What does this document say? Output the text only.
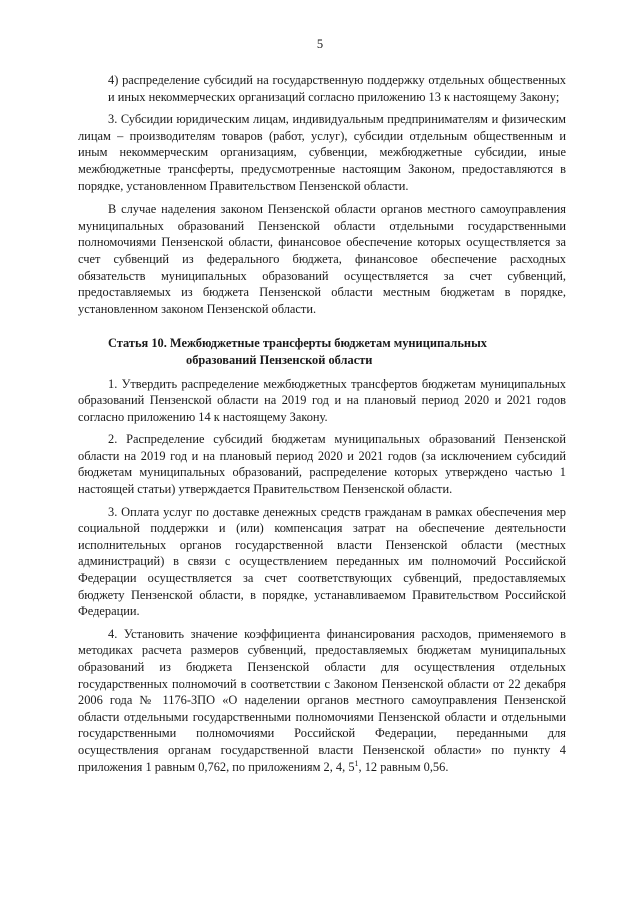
5

4) распределение субсидий на государственную поддержку отдельных общественных и иных некоммерческих организаций согласно приложению 13 к настоящему Закону;

3. Субсидии юридическим лицам, индивидуальным предпринимателям и физическим лицам – производителям товаров (работ, услуг), субсидии отдельным общественным и иным некоммерческим организациям, субвенции, межбюджетные субсидии, иные межбюджетные трансферты, предусмотренные настоящим Законом, предоставляются в порядке, установленном Правительством Пензенской области.

В случае наделения законом Пензенской области органов местного самоуправления муниципальных образований Пензенской области отдельными государственными полномочиями Пензенской области, финансовое обеспечение которых осуществляется за счет субвенций из федерального бюджета, финансовое обеспечение расходных обязательств муниципальных образований осуществляется за счет субвенций, предоставляемых из бюджета Пензенской области местным бюджетам в порядке, установленном законом Пензенской области.

Статья 10. Межбюджетные трансферты бюджетам муниципальных
образований Пензенской области

1. Утвердить распределение межбюджетных трансфертов бюджетам муниципальных образований Пензенской области на 2019 год и на плановый период 2020 и 2021 годов согласно приложению 14 к настоящему Закону.

2. Распределение субсидий бюджетам муниципальных образований Пензенской области на 2019 год и на плановый период 2020 и 2021 годов (за исключением субсидий бюджетам муниципальных образований, распределение которых утверждено частью 1 настоящей статьи) утверждается Правительством Пензенской области.

3. Оплата услуг по доставке денежных средств гражданам в рамках обеспечения мер социальной поддержки и (или) компенсация затрат на обеспечение деятельности исполнительных органов государственной власти Пензенской области (местных администраций) в связи с осуществлением переданных им полномочий Российской Федерации осуществляется за счет соответствующих субвенций, предоставляемых бюджету Пензенской области, в порядке, устанавливаемом Правительством Российской Федерации.

4. Установить значение коэффициента финансирования расходов, применяемого в методиках расчета размеров субвенций, предоставляемых бюджетам муниципальных образований из бюджета Пензенской области для осуществления отдельных государственных полномочий в соответствии с Законом Пензенской области от 22 декабря 2006 года № 1176-ЗПО «О наделении органов местного самоуправления Пензенской области отдельными государственными полномочиями Пензенской области и отдельными государственными полномочиями Российской Федерации, переданными для осуществления органам государственной власти Пензенской области» по пункту 4 приложения 1 равным 0,762, по приложениям 2, 4, $5^1$, 12 равным 0,56.
